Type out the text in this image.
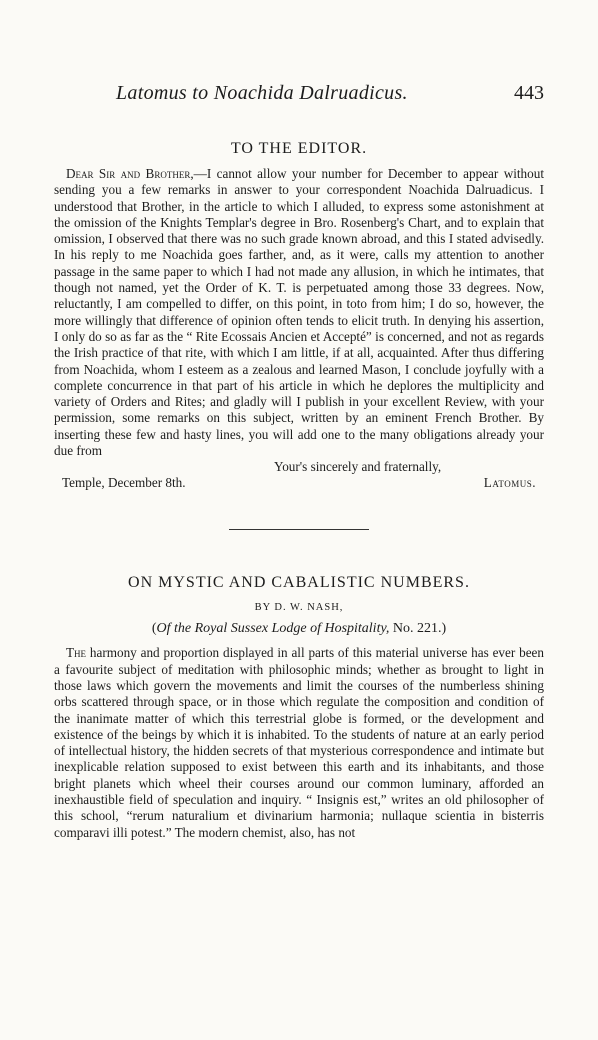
Latomus to Noachida Dalruadicus.	443
TO THE EDITOR.

Dear Sir and Brother,—I cannot allow your number for December to appear without sending you a few remarks in answer to your correspondent Noachida Dalruadicus. I understood that Brother, in the article to which I alluded, to express some astonishment at the omission of the Knights Templar's degree in Bro. Rosenberg's Chart, and to explain that omission, I observed that there was no such grade known abroad, and this I stated advisedly. In his reply to me Noachida goes farther, and, as it were, calls my attention to another passage in the same paper to which I had not made any allusion, in which he intimates, that though not named, yet the Order of K. T. is perpetuated among those 33 degrees. Now, reluctantly, I am compelled to differ, on this point, in toto from him; I do so, however, the more willingly that difference of opinion often tends to elicit truth. In denying his assertion, I only do so as far as the “ Rite Ecossais Ancien et Accepté” is concerned, and not as regards the Irish practice of that rite, with which I am little, if at all, acquainted. After thus differing from Noachida, whom I esteem as a zealous and learned Mason, I conclude joyfully with a complete concurrence in that part of his article in which he deplores the multiplicity and variety of Orders and Rites; and gladly will I publish in your excellent Review, with your permission, some remarks on this subject, written by an eminent French Brother. By inserting these few and hasty lines, you will add one to the many obligations already your due from

Your's sincerely and fraternally,
Temple, December 8th.	Latomus.
ON MYSTIC AND CABALISTIC NUMBERS.
BY D. W. NASH,
(Of the Royal Sussex Lodge of Hospitality, No. 221.)

The harmony and proportion displayed in all parts of this material universe has ever been a favourite subject of meditation with philosophic minds; whether as brought to light in those laws which govern the movements and limit the courses of the numberless shining orbs scattered through space, or in those which regulate the composition and condition of the inanimate matter of which this terrestrial globe is formed, or the development and existence of the beings by which it is inhabited. To the students of nature at an early period of intellectual history, the hidden secrets of that mysterious correspondence and intimate but inexplicable relation supposed to exist between this earth and its inhabitants, and those bright planets which wheel their courses around our common luminary, afforded an inexhaustible field of speculation and inquiry. “ Insignis est,” writes an old philosopher of this school, “rerum naturalium et divinarium harmonia; nullaque scientia in bisterris comparavi illi potest.” The modern chemist, also, has not
